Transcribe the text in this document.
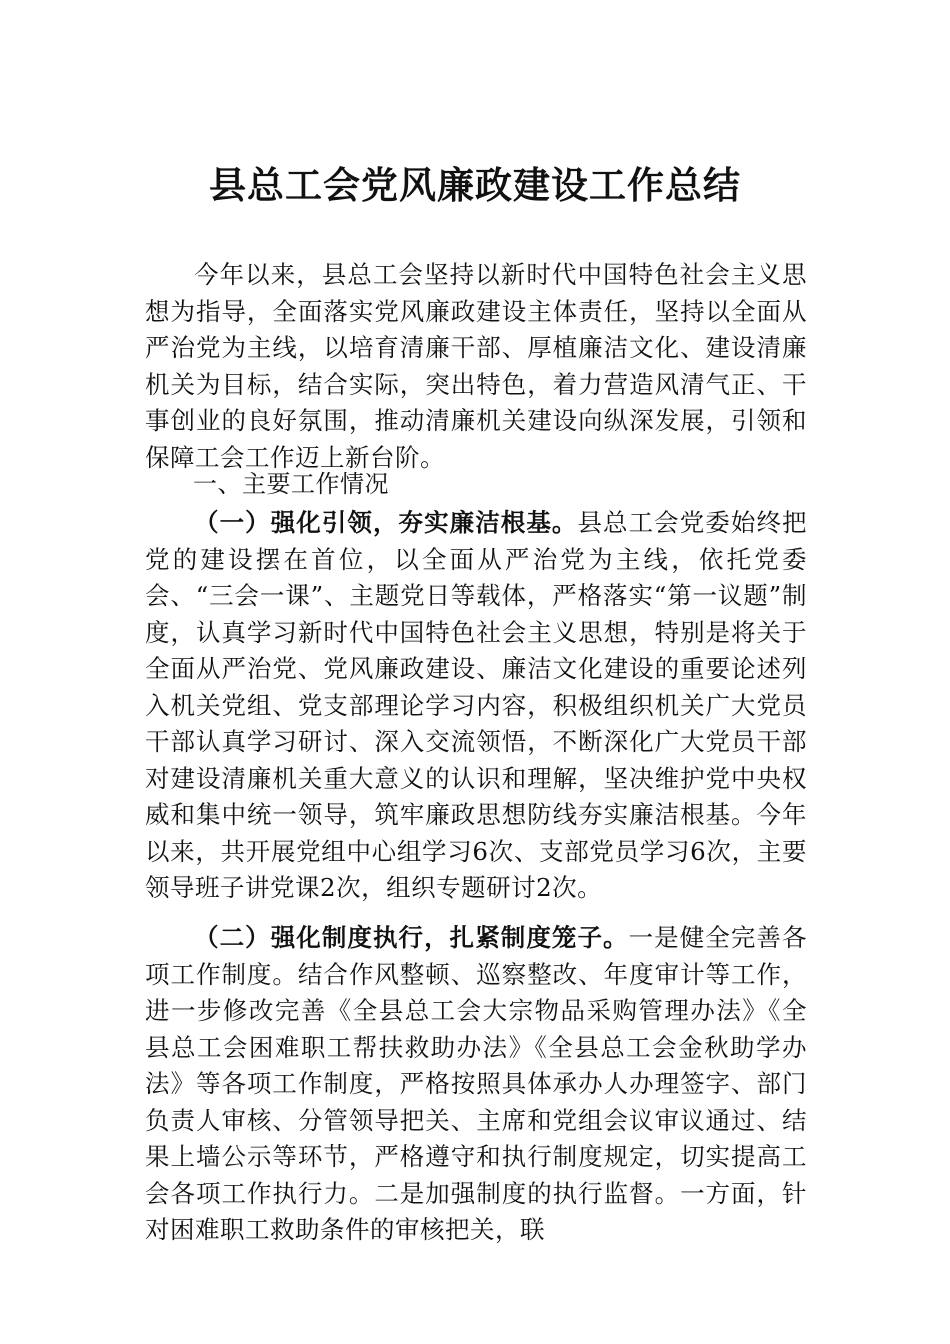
县总工会党风廉政建设工作总结
今年以来，县总工会坚持以新时代中国特色社会主义思想为指导，全面落实党风廉政建设主体责任，坚持以全面从严治党为主线，以培育清廉干部、厚植廉洁文化、建设清廉机关为目标，结合实际，突出特色，着力营造风清气正、干事创业的良好氛围，推动清廉机关建设向纵深发展，引领和保障工会工作迈上新台阶。
一、主要工作情况
（一）强化引领，夯实廉洁根基。县总工会党委始终把党的建设摆在首位，以全面从严治党为主线，依托党委会、“三会一课”、主题党日等载体，严格落实“第一议题”制度，认真学习新时代中国特色社会主义思想，特别是将关于全面从严治党、党风廉政建设、廉洁文化建设的重要论述列入机关党组、党支部理论学习内容，积极组织机关广大党员干部认真学习研讨、深入交流领悟，不断深化广大党员干部对建设清廉机关重大意义的认识和理解，坚决维护党中央权威和集中统一领导，筑牢廉政思想防线夯实廉洁根基。今年以来，共开展党组中心组学习6次、支部党员学习6次，主要领导班子讲党课2次，组织专题研讨2次。
（二）强化制度执行，扎紧制度笼子。一是健全完善各项工作制度。结合作风整顿、巡察整改、年度审计等工作，进一步修改完善《全县总工会大宗物品采购管理办法》《全县总工会困难职工帮扶救助办法》《全县总工会金秋助学办法》等各项工作制度，严格按照具体承办人办理签字、部门负责人审核、分管领导把关、主席和党组会议审议通过、结果上墙公示等环节，严格遵守和执行制度规定，切实提高工会各项工作执行力。二是加强制度的执行监督。一方面，针对困难职工救助条件的审核把关，联
